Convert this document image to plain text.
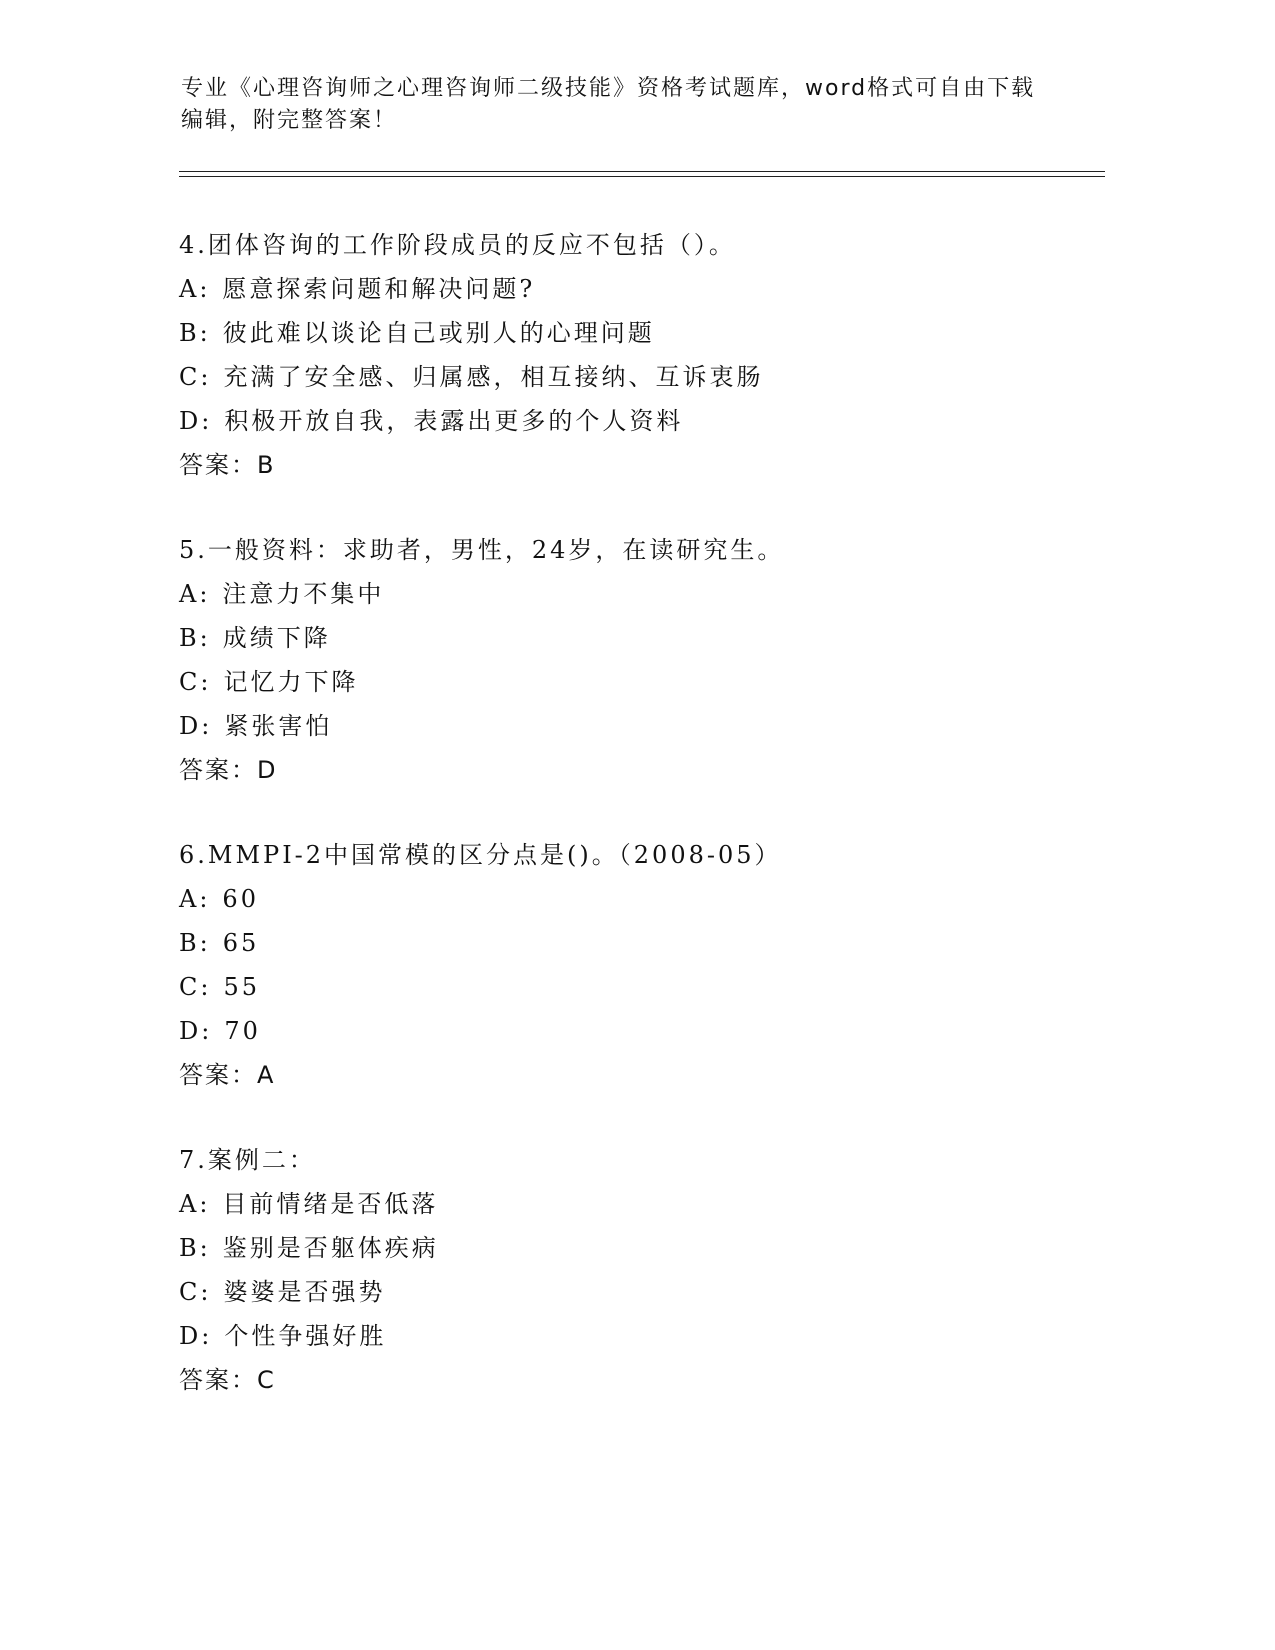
专业《心理咨询师之心理咨询师二级技能》资格考试题库，word格式可自由下载
编辑，附完整答案！
4.团体咨询的工作阶段成员的反应不包括（）。
A: 愿意探索问题和解决问题?
B: 彼此难以谈论自己或别人的心理问题
C: 充满了安全感、归属感，相互接纳、互诉衷肠
D: 积极开放自我，表露出更多的个人资料
答案：B
5.一般资料：求助者，男性，24岁，在读研究生。
A: 注意力不集中
B: 成绩下降
C: 记忆力下降
D: 紧张害怕
答案：D
6.MMPI-2中国常模的区分点是()。（2008-05）
A: 60
B: 65
C: 55
D: 70
答案：A
7.案例二：
A: 目前情绪是否低落
B: 鉴别是否躯体疾病
C: 婆婆是否强势
D: 个性争强好胜
答案：C
